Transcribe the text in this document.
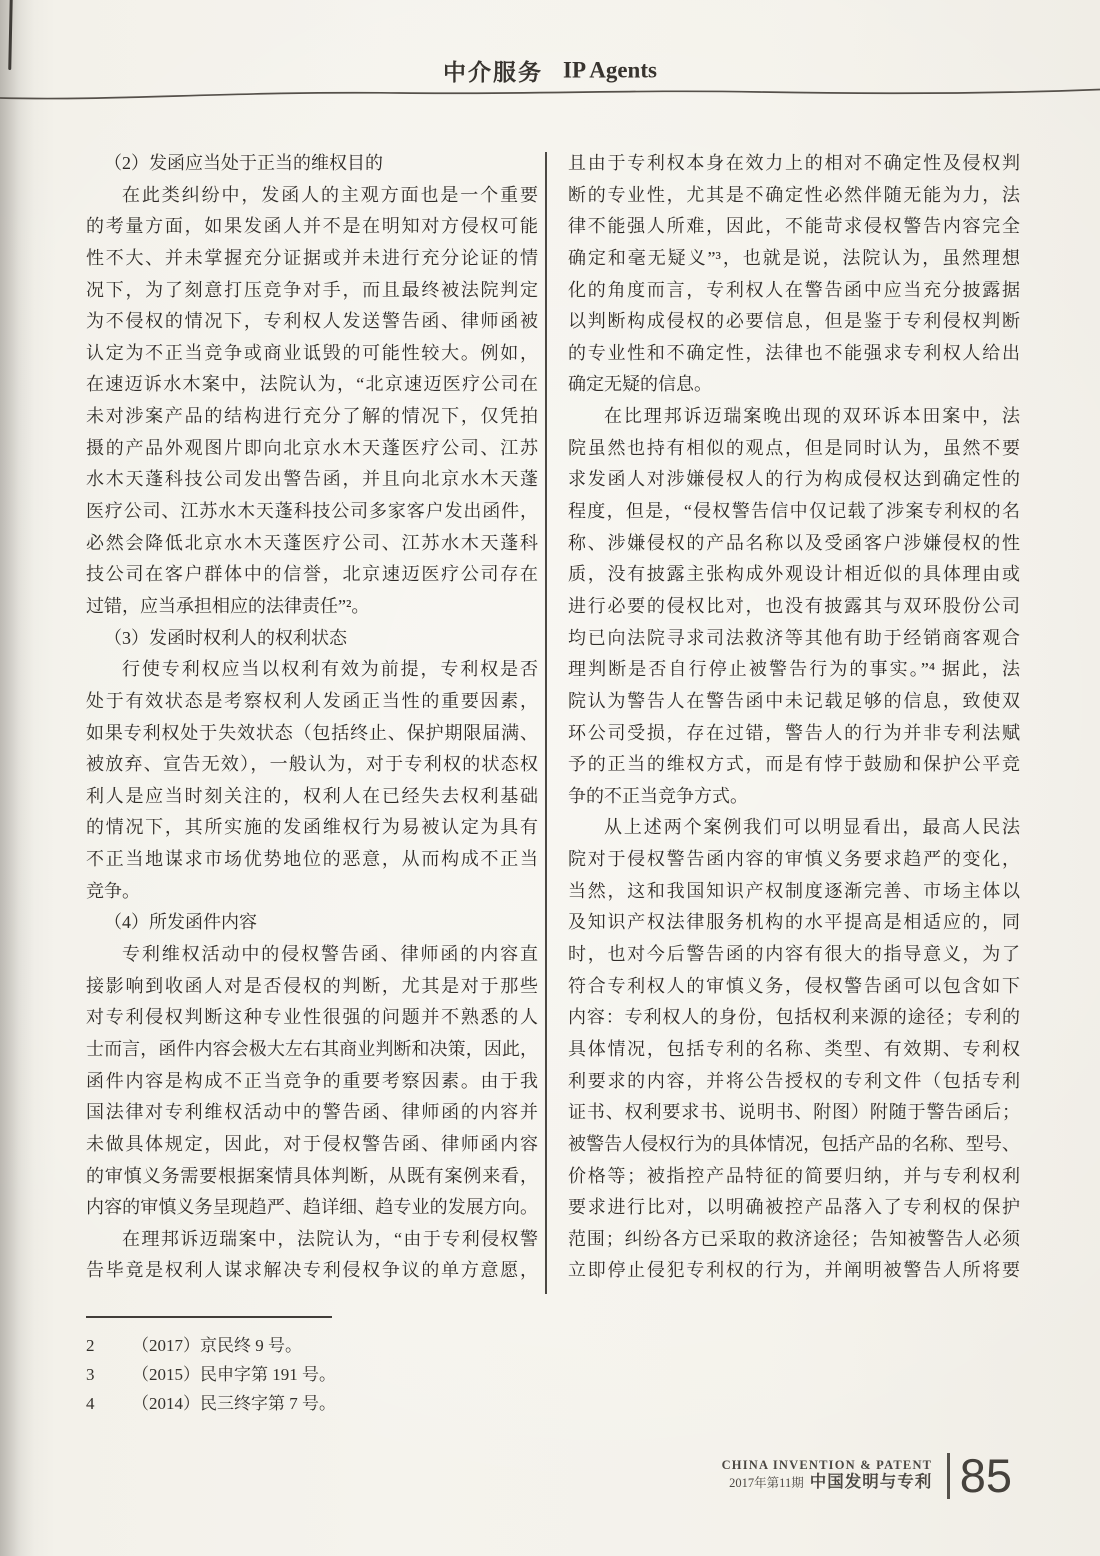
中介服务 IP Agents
（2）发函应当处于正当的维权目的
在此类纠纷中，发函人的主观方面也是一个重要
的考量方面，如果发函人并不是在明知对方侵权可能
性不大、并未掌握充分证据或并未进行充分论证的情
况下，为了刻意打压竞争对手，而且最终被法院判定
为不侵权的情况下，专利权人发送警告函、律师函被
认定为不正当竞争或商业诋毁的可能性较大。例如，
在速迈诉水木案中，法院认为，“北京速迈医疗公司在
未对涉案产品的结构进行充分了解的情况下，仅凭拍
摄的产品外观图片即向北京水木天蓬医疗公司、江苏
水木天蓬科技公司发出警告函，并且向北京水木天蓬
医疗公司、江苏水木天蓬科技公司多家客户发出函件，
必然会降低北京水木天蓬医疗公司、江苏水木天蓬科
技公司在客户群体中的信誉，北京速迈医疗公司存在
过错，应当承担相应的法律责任”²。
（3）发函时权利人的权利状态
行使专利权应当以权利有效为前提，专利权是否
处于有效状态是考察权利人发函正当性的重要因素，
如果专利权处于失效状态（包括终止、保护期限届满、
被放弃、宣告无效），一般认为，对于专利权的状态权
利人是应当时刻关注的，权利人在已经失去权利基础
的情况下，其所实施的发函维权行为易被认定为具有
不正当地谋求市场优势地位的恶意，从而构成不正当
竞争。
（4）所发函件内容
专利维权活动中的侵权警告函、律师函的内容直
接影响到收函人对是否侵权的判断，尤其是对于那些
对专利侵权判断这种专业性很强的问题并不熟悉的人
士而言，函件内容会极大左右其商业判断和决策，因此，
函件内容是构成不正当竞争的重要考察因素。由于我
国法律对专利维权活动中的警告函、律师函的内容并
未做具体规定，因此，对于侵权警告函、律师函内容
的审慎义务需要根据案情具体判断，从既有案例来看，
内容的审慎义务呈现趋严、趋详细、趋专业的发展方向。
在理邦诉迈瑞案中，法院认为，“由于专利侵权警
告毕竟是权利人谋求解决专利侵权争议的单方意愿，
且由于专利权本身在效力上的相对不确定性及侵权判
断的专业性，尤其是不确定性必然伴随无能为力，法
律不能强人所难，因此，不能苛求侵权警告内容完全
确定和毫无疑义”³，也就是说，法院认为，虽然理想
化的角度而言，专利权人在警告函中应当充分披露据
以判断构成侵权的必要信息，但是鉴于专利侵权判断
的专业性和不确定性，法律也不能强求专利权人给出
确定无疑的信息。
在比理邦诉迈瑞案晚出现的双环诉本田案中，法
院虽然也持有相似的观点，但是同时认为，虽然不要
求发函人对涉嫌侵权人的行为构成侵权达到确定性的
程度，但是，“侵权警告信中仅记载了涉案专利权的名
称、涉嫌侵权的产品名称以及受函客户涉嫌侵权的性
质，没有披露主张构成外观设计相近似的具体理由或
进行必要的侵权比对，也没有披露其与双环股份公司
均已向法院寻求司法救济等其他有助于经销商客观合
理判断是否自行停止被警告行为的事实。”⁴ 据此，法
院认为警告人在警告函中未记载足够的信息，致使双
环公司受损，存在过错，警告人的行为并非专利法赋
予的正当的维权方式，而是有悖于鼓励和保护公平竞
争的不正当竞争方式。
从上述两个案例我们可以明显看出，最高人民法
院对于侵权警告函内容的审慎义务要求趋严的变化，
当然，这和我国知识产权制度逐渐完善、市场主体以
及知识产权法律服务机构的水平提高是相适应的，同
时，也对今后警告函的内容有很大的指导意义，为了
符合专利权人的审慎义务，侵权警告函可以包含如下
内容：专利权人的身份，包括权利来源的途径；专利的
具体情况，包括专利的名称、类型、有效期、专利权
利要求的内容，并将公告授权的专利文件（包括专利
证书、权利要求书、说明书、附图）附随于警告函后；
被警告人侵权行为的具体情况，包括产品的名称、型号、
价格等；被指控产品特征的简要归纳，并与专利权利
要求进行比对，以明确被控产品落入了专利权的保护
范围；纠纷各方已采取的救济途径；告知被警告人必须
立即停止侵犯专利权的行为，并阐明被警告人所将要
2	（2017）京民终 9 号。
3	（2015）民申字第 191 号。
4	（2014）民三终字第 7 号。
CHINA INVENTION & PATENT
2017年第11期 中国发明与专利 85
